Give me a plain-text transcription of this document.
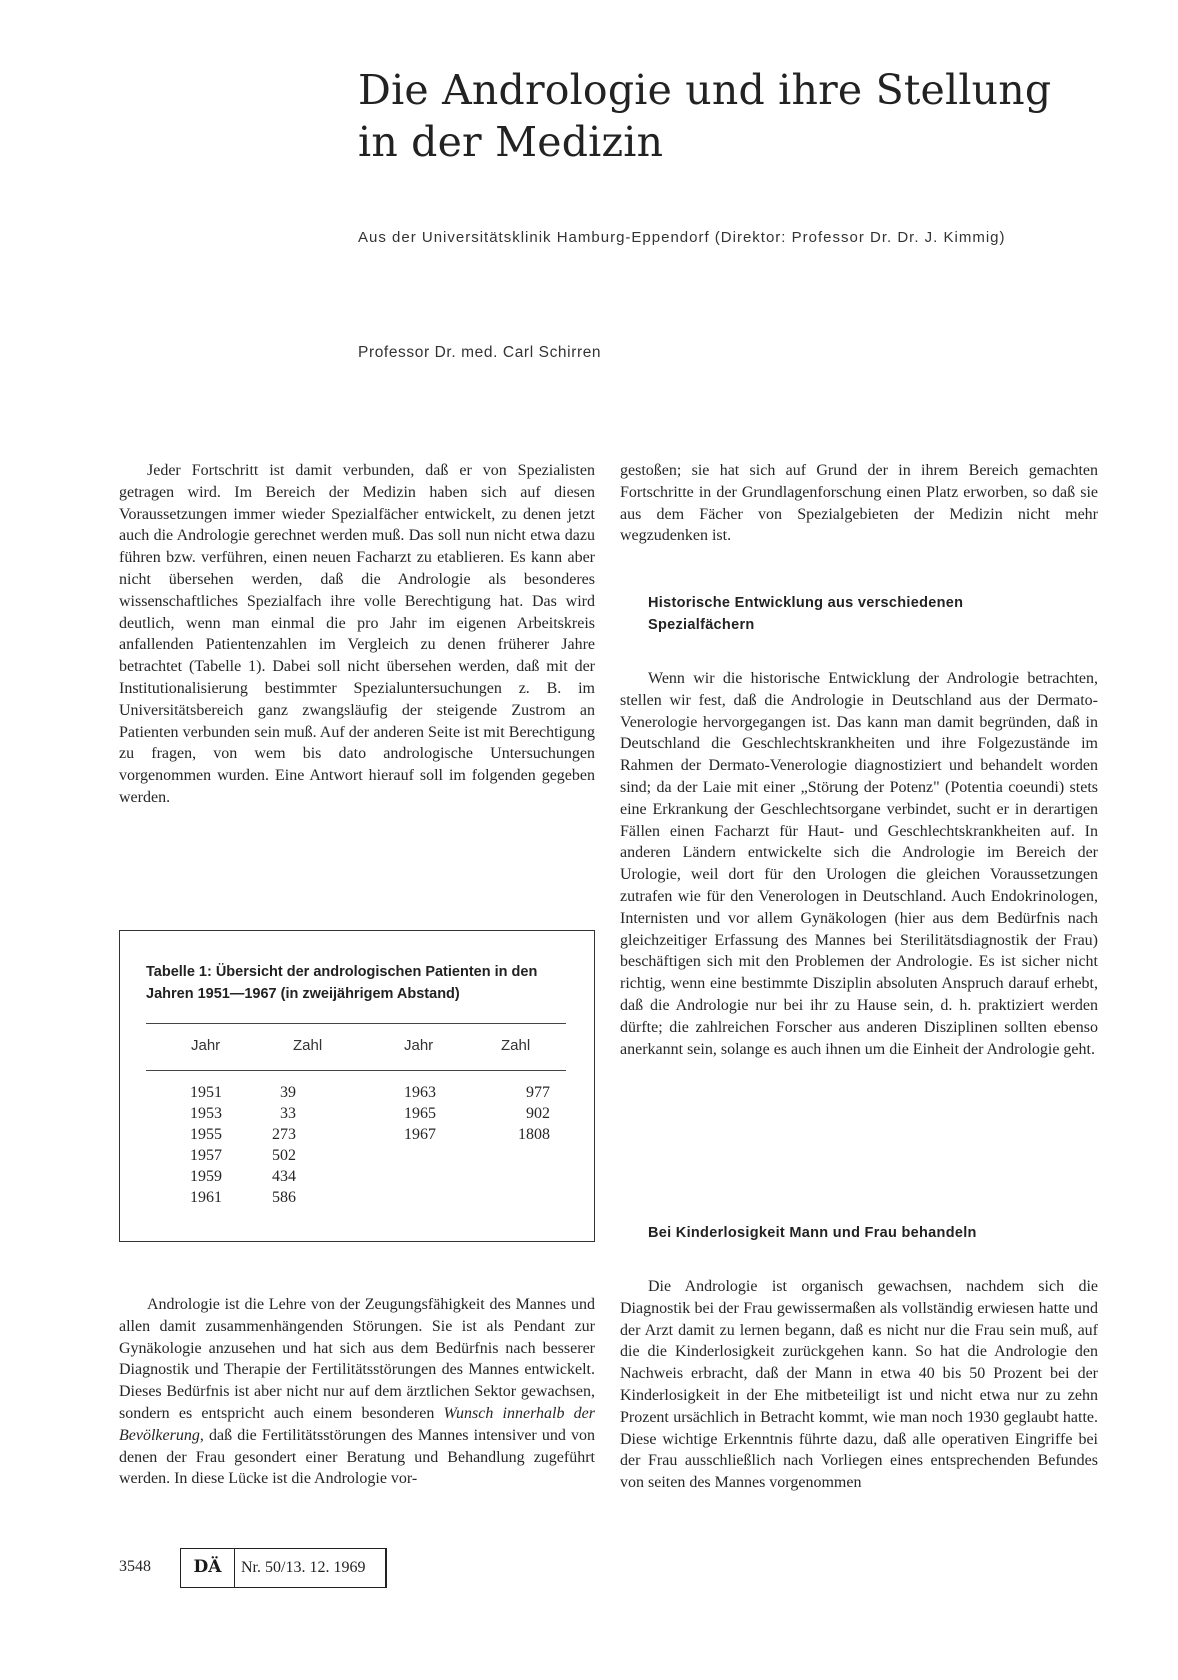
Die Andrologie und ihre Stellung
in der Medizin
Aus der Universitätsklinik Hamburg-Eppendorf (Direktor: Professor Dr. Dr. J. Kimmig)
Professor Dr. med. Carl Schirren

Jeder Fortschritt ist damit verbunden, daß er von Spezialisten getragen wird. Im Bereich der Medizin haben sich auf diesen Voraussetzungen immer wieder Spezialfächer entwickelt, zu denen jetzt auch die Andrologie gerechnet werden muß. Das soll nun nicht etwa dazu führen bzw. verführen, einen neuen Facharzt zu etablieren. Es kann aber nicht übersehen werden, daß die Andrologie als besonderes wissenschaftliches Spezialfach ihre volle Berechtigung hat. Das wird deutlich, wenn man einmal die pro Jahr im eigenen Arbeitskreis anfallenden Patientenzahlen im Vergleich zu denen früherer Jahre betrachtet (Tabelle 1). Dabei soll nicht übersehen werden, daß mit der Institutionalisierung bestimmter Spezialuntersuchungen z. B. im Universitätsbereich ganz zwangsläufig der steigende Zustrom an Patienten verbunden sein muß. Auf der anderen Seite ist mit Berechtigung zu fragen, von wem bis dato andrologische Untersuchungen vorgenommen wurden. Eine Antwort hierauf soll im folgenden gegeben werden.

Tabelle 1: Übersicht der andrologischen Patienten in den Jahren 1951—1967 (in zweijährigem Abstand)
Jahr	Zahl	Jahr	Zahl
1951	39	1963	977
1953	33	1965	902
1955	273	1967	1808
1957	502
1959	434
1961	586

Andrologie ist die Lehre von der Zeugungsfähigkeit des Mannes und allen damit zusammenhängenden Störungen. Sie ist als Pendant zur Gynäkologie anzusehen und hat sich aus dem Bedürfnis nach besserer Diagnostik und Therapie der Fertilitätsstörungen des Mannes entwickelt. Dieses Bedürfnis ist aber nicht nur auf dem ärztlichen Sektor gewachsen, sondern es entspricht auch einem besonderen Wunsch innerhalb der Bevölkerung, daß die Fertilitätsstörungen des Mannes intensiver und von denen der Frau gesondert einer Beratung und Behandlung zugeführt werden. In diese Lücke ist die Andrologie vor-

gestoßen; sie hat sich auf Grund der in ihrem Bereich gemachten Fortschritte in der Grundlagenforschung einen Platz erworben, so daß sie aus dem Fächer von Spezialgebieten der Medizin nicht mehr wegzudenken ist.

Historische Entwicklung aus verschiedenen Spezialfächern

Wenn wir die historische Entwicklung der Andrologie betrachten, stellen wir fest, daß die Andrologie in Deutschland aus der Dermato-Venerologie hervorgegangen ist. Das kann man damit begründen, daß in Deutschland die Geschlechtskrankheiten und ihre Folgezustände im Rahmen der Dermato-Venerologie diagnostiziert und behandelt worden sind; da der Laie mit einer „Störung der Potenz" (Potentia coeundi) stets eine Erkrankung der Geschlechtsorgane verbindet, sucht er in derartigen Fällen einen Facharzt für Haut- und Geschlechtskrankheiten auf. In anderen Ländern entwickelte sich die Andrologie im Bereich der Urologie, weil dort für den Urologen die gleichen Voraussetzungen zutrafen wie für den Venerologen in Deutschland. Auch Endokrinologen, Internisten und vor allem Gynäkologen (hier aus dem Bedürfnis nach gleichzeitiger Erfassung des Mannes bei Sterilitätsdiagnostik der Frau) beschäftigen sich mit den Problemen der Andrologie. Es ist sicher nicht richtig, wenn eine bestimmte Disziplin absoluten Anspruch darauf erhebt, daß die Andrologie nur bei ihr zu Hause sein, d. h. praktiziert werden dürfte; die zahlreichen Forscher aus anderen Disziplinen sollten ebenso anerkannt sein, solange es auch ihnen um die Einheit der Andrologie geht.

Bei Kinderlosigkeit Mann und Frau behandeln

Die Andrologie ist organisch gewachsen, nachdem sich die Diagnostik bei der Frau gewissermaßen als vollständig erwiesen hatte und der Arzt damit zu lernen begann, daß es nicht nur die Frau sein muß, auf die die Kinderlosigkeit zurückgehen kann. So hat die Andrologie den Nachweis erbracht, daß der Mann in etwa 40 bis 50 Prozent bei der Kinderlosigkeit in der Ehe mitbeteiligt ist und nicht etwa nur zu zehn Prozent ursächlich in Betracht kommt, wie man noch 1930 geglaubt hatte. Diese wichtige Erkenntnis führte dazu, daß alle operativen Eingriffe bei der Frau ausschließlich nach Vorliegen eines entsprechenden Befundes von seiten des Mannes vorgenommen

3548	DÄ	Nr. 50/13. 12. 1969
